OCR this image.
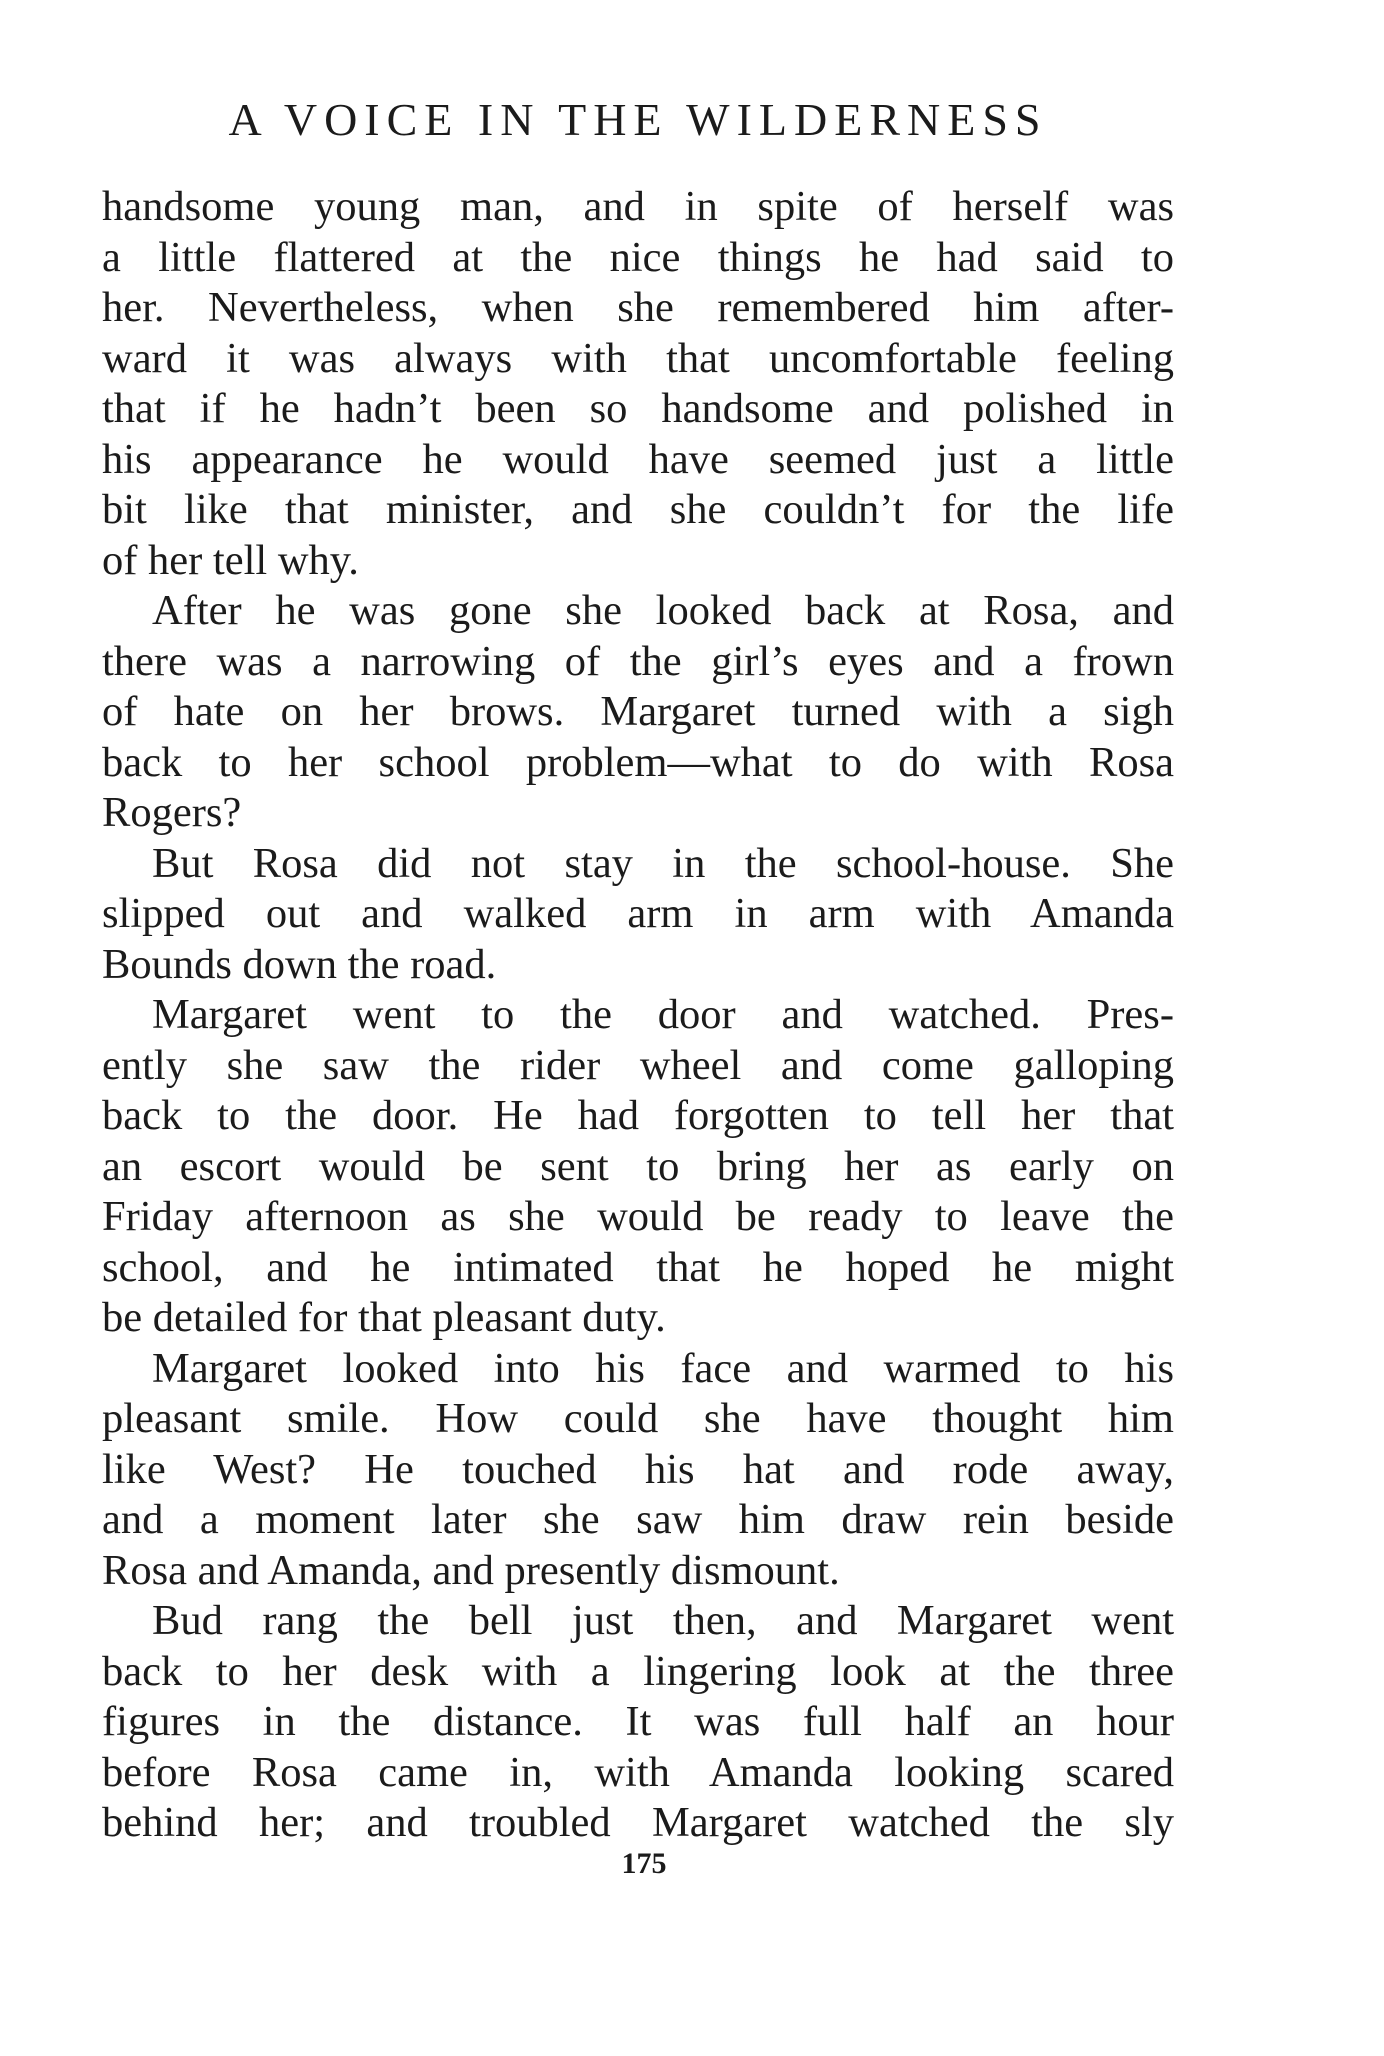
A VOICE IN THE WILDERNESS
handsome young man, and in spite of herself was
a little flattered at the nice things he had said to
her. Nevertheless, when she remembered him after-
ward it was always with that uncomfortable feeling
that if he hadn’t been so handsome and polished in
his appearance he would have seemed just a little
bit like that minister, and she couldn’t for the life
of her tell why.
After he was gone she looked back at Rosa, and
there was a narrowing of the girl’s eyes and a frown
of hate on her brows. Margaret turned with a sigh
back to her school problem—what to do with Rosa
Rogers?
But Rosa did not stay in the school-house. She
slipped out and walked arm in arm with Amanda
Bounds down the road.
Margaret went to the door and watched. Pres-
ently she saw the rider wheel and come galloping
back to the door. He had forgotten to tell her that
an escort would be sent to bring her as early on
Friday afternoon as she would be ready to leave the
school, and he intimated that he hoped he might
be detailed for that pleasant duty.
Margaret looked into his face and warmed to his
pleasant smile. How could she have thought him
like West? He touched his hat and rode away,
and a moment later she saw him draw rein beside
Rosa and Amanda, and presently dismount.
Bud rang the bell just then, and Margaret went
back to her desk with a lingering look at the three
figures in the distance. It was full half an hour
before Rosa came in, with Amanda looking scared
behind her; and troubled Margaret watched the sly
175
